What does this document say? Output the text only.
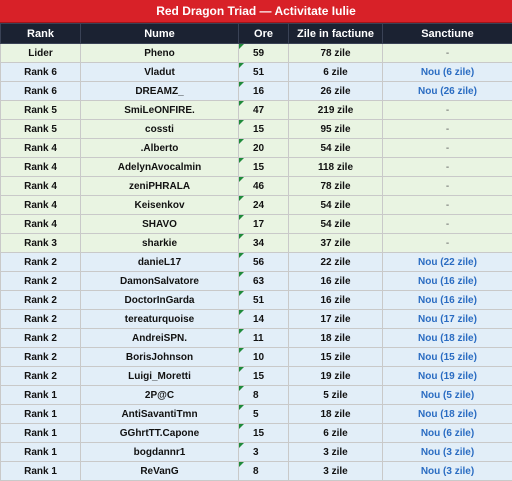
Red Dragon Triad — Activitate Iulie
Rank	Nume	Ore	Zile in factiune	Sanctiune
Lider	Pheno	59	78 zile	-
Rank 6	Vladut	51	6 zile	Nou (6 zile)
Rank 6	DREAMZ_	16	26 zile	Nou (26 zile)
Rank 5	SmiLeONFIRE.	47	219 zile	-
Rank 5	cossti	15	95 zile	-
Rank 4	.Alberto	20	54 zile	-
Rank 4	AdelynAvocalmin	15	118 zile	-
Rank 4	zeniPHRALA	46	78 zile	-
Rank 4	Keisenkov	24	54 zile	-
Rank 4	SHAVO	17	54 zile	-
Rank 3	sharkie	34	37 zile	-
Rank 2	danieL17	56	22 zile	Nou (22 zile)
Rank 2	DamonSalvatore	63	16 zile	Nou (16 zile)
Rank 2	DoctorInGarda	51	16 zile	Nou (16 zile)
Rank 2	tereaturquoise	14	17 zile	Nou (17 zile)
Rank 2	AndreiSPN.	11	18 zile	Nou (18 zile)
Rank 2	BorisJohnson	10	15 zile	Nou (15 zile)
Rank 2	Luigi_Moretti	15	19 zile	Nou (19 zile)
Rank 1	2P@C	8	5 zile	Nou (5 zile)
Rank 1	AntiSavantiTmn	5	18 zile	Nou (18 zile)
Rank 1	GGhrtTT.Capone	15	6 zile	Nou (6 zile)
Rank 1	bogdannr1	3	3 zile	Nou (3 zile)
Rank 1	ReVanG	8	3 zile	Nou (3 zile)
